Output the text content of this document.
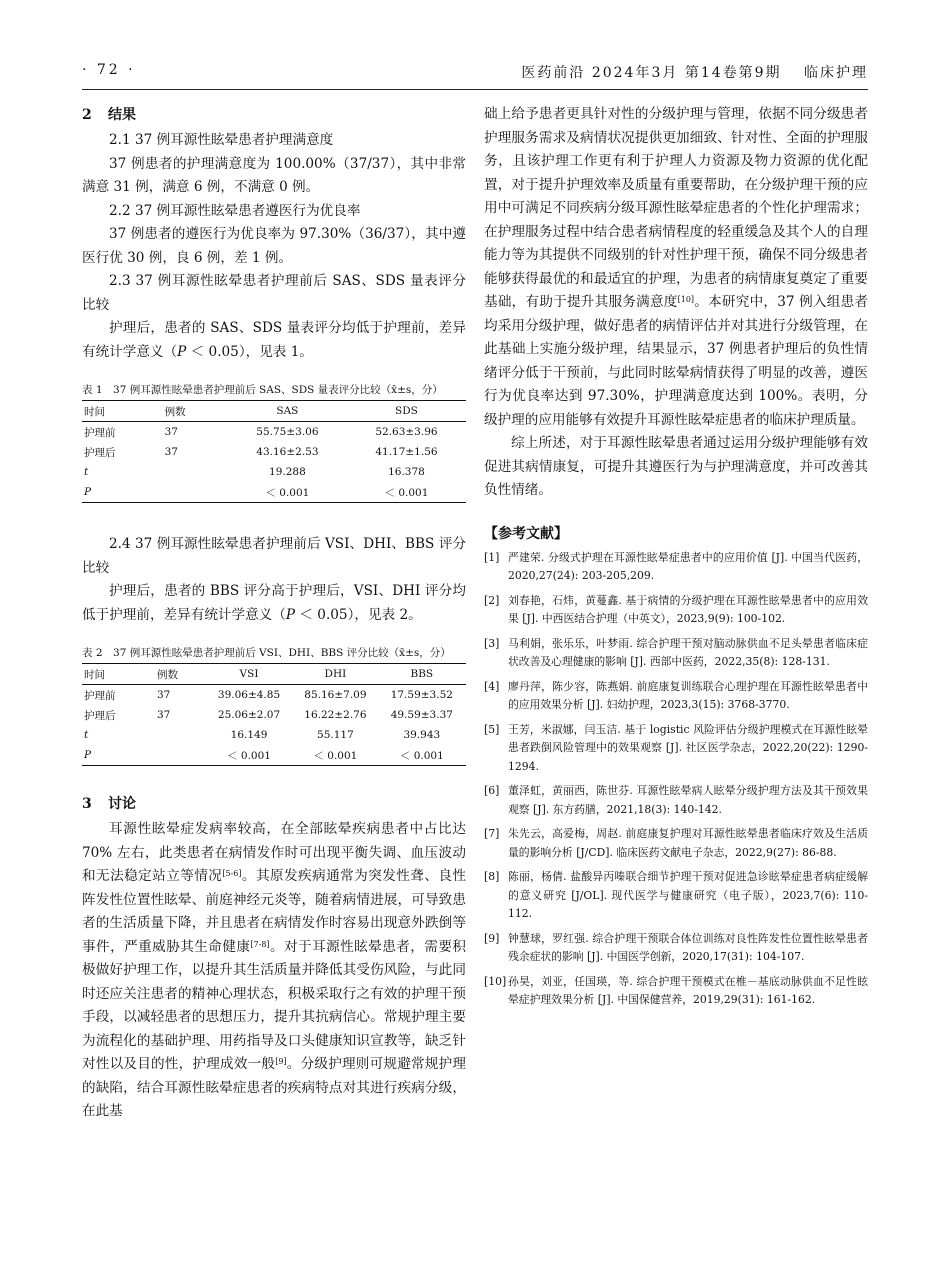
· 72 ·	医药前沿 2024年3月 第14卷第9期　 临床护理
2 结果

2.1 37 例耳源性眩晕患者护理满意度

37 例患者的护理满意度为 100.00%（37/37），其中非常满意 31 例，满意 6 例，不满意 0 例。

2.2 37 例耳源性眩晕患者遵医行为优良率

37 例患者的遵医行为优良率为 97.30%（36/37），其中遵医行优 30 例，良 6 例，差 1 例。

2.3 37 例耳源性眩晕患者护理前后 SAS、SDS 量表评分比较

护理后，患者的 SAS、SDS 量表评分均低于护理前，差异有统计学意义（P ＜ 0.05），见表 1。

表 1　37 例耳源性眩晕患者护理前后 SAS、SDS 量表评分比较（x̄±s，分）
时间	例数	SAS	SDS
护理前	37	55.75±3.06	52.63±3.96
护理后	37	43.16±2.53	41.17±1.56
t		19.288	16.378
P		＜ 0.001	＜ 0.001

2.4 37 例耳源性眩晕患者护理前后 VSI、DHI、BBS 评分比较

护理后，患者的 BBS 评分高于护理后，VSI、DHI 评分均低于护理前，差异有统计学意义（P ＜ 0.05），见表 2。

表 2　37 例耳源性眩晕患者护理前后 VSI、DHI、BBS 评分比较（x̄±s，分）
时间	例数	VSI	DHI	BBS
护理前	37	39.06±4.85	85.16±7.09	17.59±3.52
护理后	37	25.06±2.07	16.22±2.76	49.59±3.37
t		16.149	55.117	39.943
P		＜ 0.001	＜ 0.001	＜ 0.001
3 讨论

耳源性眩晕症发病率较高，在全部眩晕疾病患者中占比达 70% 左右，此类患者在病情发作时可出现平衡失调、血压波动和无法稳定站立等情况[5-6]。其原发疾病通常为突发性聋、良性阵发性位置性眩晕、前庭神经元炎等，随着病情进展，可导致患者的生活质量下降，并且患者在病情发作时容易出现意外跌倒等事件，严重威胁其生命健康[7-8]。对于耳源性眩晕患者，需要积极做好护理工作，以提升其生活质量并降低其受伤风险，与此同时还应关注患者的精神心理状态，积极采取行之有效的护理干预手段，以减轻患者的思想压力，提升其抗病信心。常规护理主要为流程化的基础护理、用药指导及口头健康知识宣教等，缺乏针对性以及目的性，护理成效一般[9]。分级护理则可规避常规护理的缺陷，结合耳源性眩晕症患者的疾病特点对其进行疾病分级，在此基

础上给予患者更具针对性的分级护理与管理，依据不同分级患者护理服务需求及病情状况提供更加细致、针对性、全面的护理服务，且该护理工作更有利于护理人力资源及物力资源的优化配置，对于提升护理效率及质量有重要帮助，在分级护理干预的应用中可满足不同疾病分级耳源性眩晕症患者的个性化护理需求；在护理服务过程中结合患者病情程度的轻重缓急及其个人的自理能力等为其提供不同级别的针对性护理干预，确保不同分级患者能够获得最优的和最适宜的护理，为患者的病情康复奠定了重要基础，有助于提升其服务满意度[10]。本研究中，37 例入组患者均采用分级护理，做好患者的病情评估并对其进行分级管理，在此基础上实施分级护理，结果显示，37 例患者护理后的负性情绪评分低于干预前，与此同时眩晕病情获得了明显的改善，遵医行为优良率达到 97.30%，护理满意度达到 100%。表明，分级护理的应用能够有效提升耳源性眩晕症患者的临床护理质量。

综上所述，对于耳源性眩晕患者通过运用分级护理能够有效促进其病情康复，可提升其遵医行为与护理满意度，并可改善其负性情绪。

【参考文献】
[1] 严建荣. 分级式护理在耳源性眩晕症患者中的应用价值 [J]. 中国当代医药，2020,27(24): 203-205,209.
[2] 刘春艳，石炜，黄蔓鑫. 基于病情的分级护理在耳源性眩晕患者中的应用效果 [J]. 中西医结合护理（中英文），2023,9(9): 100-102.
[3] 马利娟，张乐乐，叶梦雨. 综合护理干预对脑动脉供血不足头晕患者临床症状改善及心理健康的影响 [J]. 西部中医药，2022,35(8): 128-131.
[4] 廖丹萍，陈少容，陈燕娟. 前庭康复训练联合心理护理在耳源性眩晕患者中的应用效果分析 [J]. 妇幼护理，2023,3(15): 3768-3770.
[5] 王芳，米淑娜，闫玉洁. 基于 logistic 风险评估分级护理模式在耳源性眩晕患者跌倒风险管理中的效果观察 [J]. 社区医学杂志，2022,20(22): 1290-1294.
[6] 董泽虹，黄丽西，陈世芬. 耳源性眩晕病人眩晕分级护理方法及其干预效果观察 [J]. 东方药膳，2021,18(3): 140-142.
[7] 朱先云，高爱梅，周赵. 前庭康复护理对耳源性眩晕患者临床疗效及生活质量的影响分析 [J/CD]. 临床医药文献电子杂志，2022,9(27): 86-88.
[8] 陈丽，杨倩. 盐酸异丙嗪联合细节护理干预对促进急诊眩晕症患者病症缓解的意义研究 [J/OL]. 现代医学与健康研究（电子版），2023,7(6): 110-112.
[9] 钟慧球，罗红强. 综合护理干预联合体位训练对良性阵发性位置性眩晕患者残余症状的影响 [J]. 中国医学创新，2020,17(31): 104-107.
[10] 孙昊，刘亚，任国瑛，等. 综合护理干预模式在椎－基底动脉供血不足性眩晕症护理效果分析 [J]. 中国保健营养，2019,29(31): 161-162.
